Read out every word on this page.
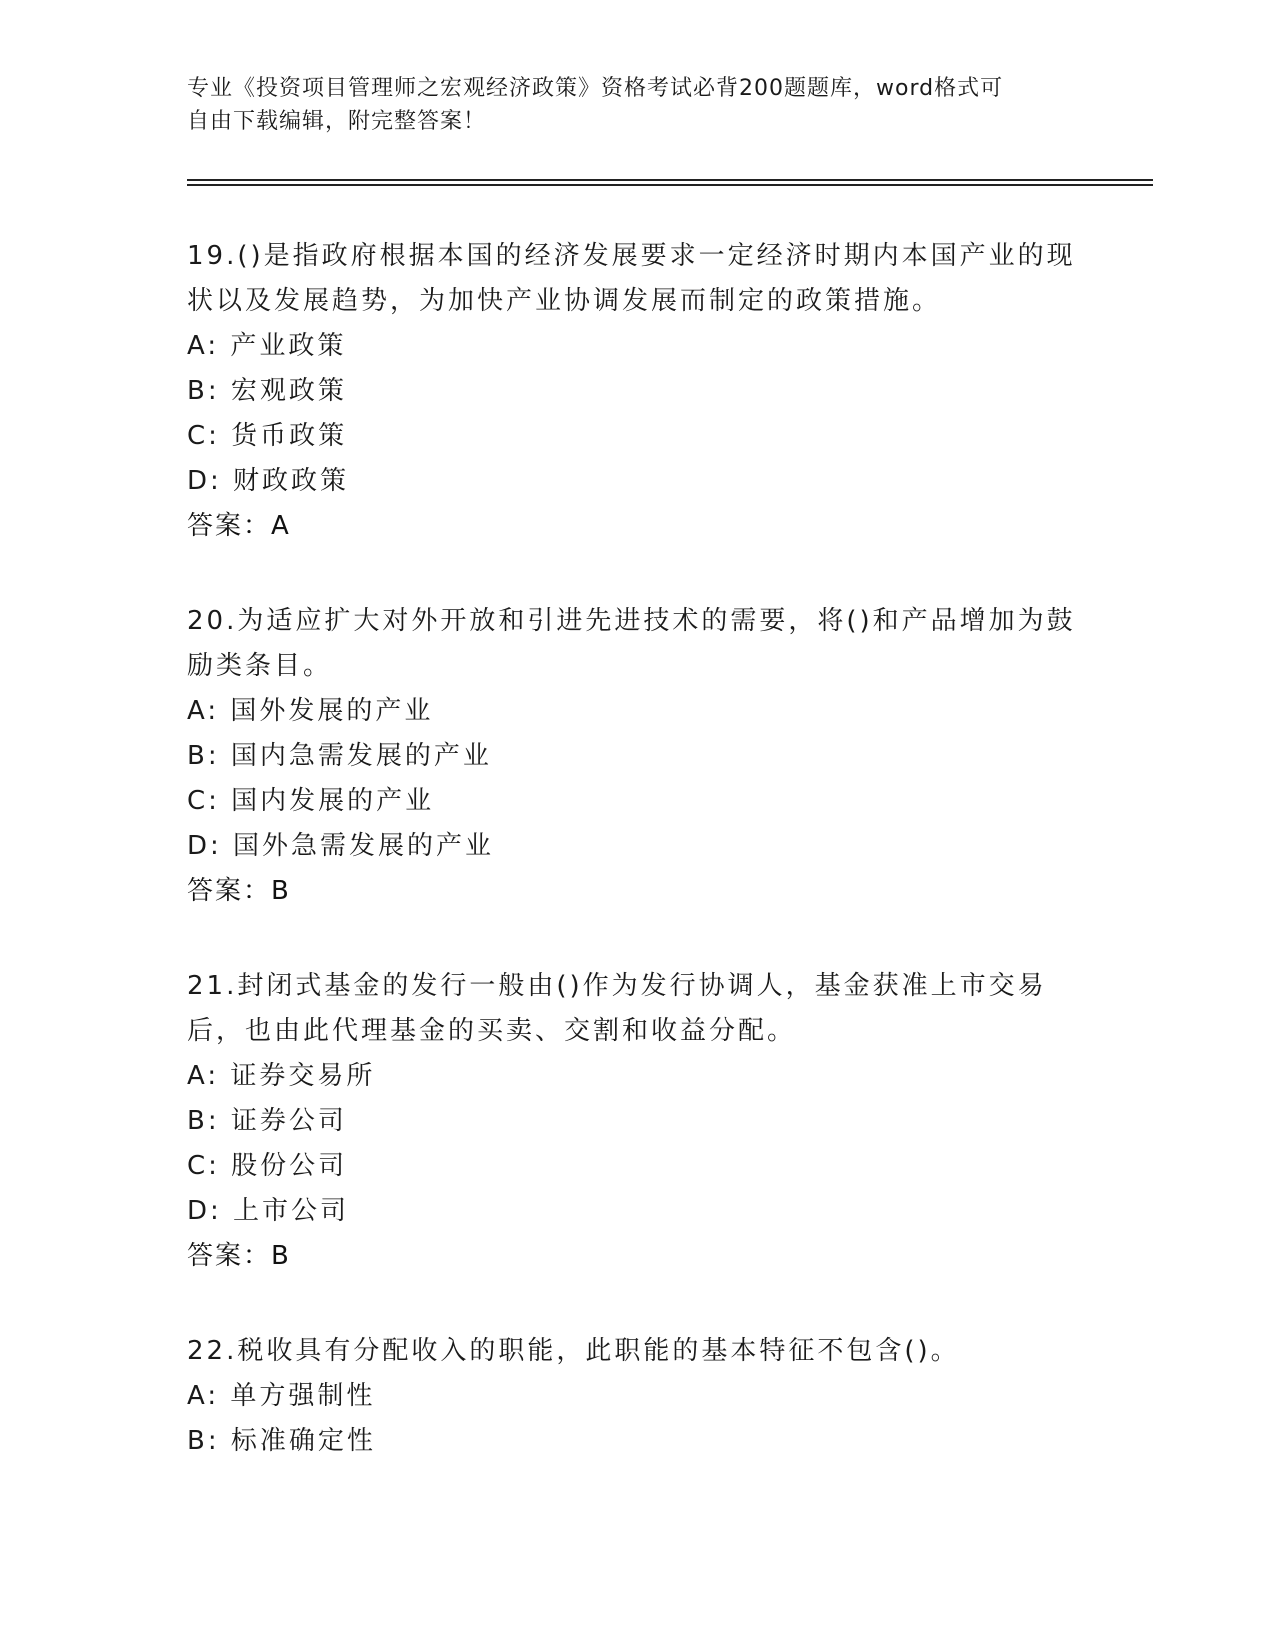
专业《投资项目管理师之宏观经济政策》资格考试必背200题题库，word格式可
自由下载编辑，附完整答案！
19.()是指政府根据本国的经济发展要求一定经济时期内本国产业的现状以及发展趋势，为加快产业协调发展而制定的政策措施。
A: 产业政策
B: 宏观政策
C: 货币政策
D: 财政政策
答案：A
20.为适应扩大对外开放和引进先进技术的需要，将()和产品增加为鼓励类条目。
A: 国外发展的产业
B: 国内急需发展的产业
C: 国内发展的产业
D: 国外急需发展的产业
答案：B
21.封闭式基金的发行一般由()作为发行协调人，基金获准上市交易后，也由此代理基金的买卖、交割和收益分配。
A: 证券交易所
B: 证券公司
C: 股份公司
D: 上市公司
答案：B
22.税收具有分配收入的职能，此职能的基本特征不包含()。
A: 单方强制性
B: 标准确定性
